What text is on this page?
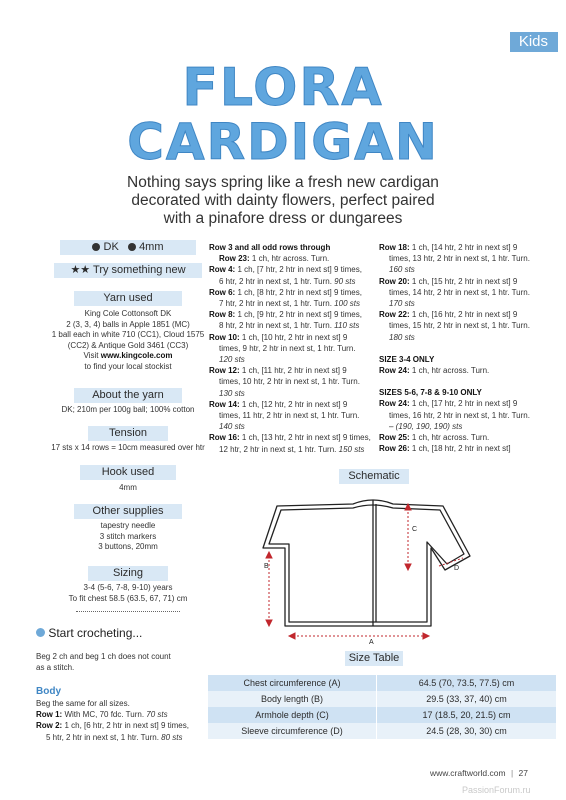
Kids
FLORA
CARDIGAN
Nothing says spring like a fresh new cardigan
decorated with dainty flowers, perfect paired
with a pinafore dress or dungarees
DK 4mm
★★ Try something new
Yarn used
King Cole Cottonsoft DK
2 (3, 3, 4) balls in Apple 1851 (MC)
1 ball each in white 710 (CC1), Cloud 1575
(CC2) & Antique Gold 3461 (CC3)
Visit www.kingcole.com
to find your local stockist
About the yarn
DK; 210m per 100g ball; 100% cotton
Tension
17 sts x 14 rows = 10cm measured over htr
Hook used
4mm
Other supplies
tapestry needle
3 stitch markers
3 buttons, 20mm
Sizing
3-4 (5-6, 7-8, 9-10) years
To fit chest 58.5 (63.5, 67, 71) cm
Start crocheting...

Beg 2 ch and beg 1 ch does not count

as a stitch.

Body

Beg the same for all sizes.

Row 1: With MC, 70 fdc. Turn. 70 sts

Row 2: 1 ch, [6 htr, 2 htr in next st] 9 times,

5 htr, 2 htr in next st, 1 htr. Turn. 80 sts

Row 3 and all odd rows through

Row 23: 1 ch, htr across. Turn.

Row 4: 1 ch, [7 htr, 2 htr in next st] 9 times,

6 htr, 2 htr in next st, 1 htr. Turn. 90 sts

Row 6: 1 ch, [8 htr, 2 htr in next st] 9 times,

7 htr, 2 htr in next st, 1 htr. Turn. 100 sts

Row 8: 1 ch, [9 htr, 2 htr in next st] 9 times,

8 htr, 2 htr in next st, 1 htr. Turn. 110 sts

Row 10: 1 ch, [10 htr, 2 htr in next st] 9

times, 9 htr, 2 htr in next st, 1 htr. Turn.

120 sts

Row 12: 1 ch, [11 htr, 2 htr in next st] 9

times, 10 htr, 2 htr in next st, 1 htr. Turn.

130 sts

Row 14: 1 ch, [12 htr, 2 htr in next st] 9

times, 11 htr, 2 htr in next st, 1 htr. Turn.

140 sts

Row 16: 1 ch, [13 htr, 2 htr in next st] 9 times,

12 htr, 2 htr in next st, 1 htr. Turn. 150 sts

Row 18: 1 ch, [14 htr, 2 htr in next st] 9

times, 13 htr, 2 htr in next st, 1 htr. Turn.

160 sts

Row 20: 1 ch, [15 htr, 2 htr in next st] 9

times, 14 htr, 2 htr in next st, 1 htr. Turn.

170 sts

Row 22: 1 ch, [16 htr, 2 htr in next st] 9

times, 15 htr, 2 htr in next st, 1 htr. Turn.

180 sts

SIZE 3-4 ONLY

Row 24: 1 ch, htr across. Turn.

SIZES 5-6, 7-8 & 9-10 ONLY

Row 24: 1 ch, [17 htr, 2 htr in next st] 9

times, 16 htr, 2 htr in next st, 1 htr. Turn.

– (190, 190, 190) sts

Row 25: 1 ch, htr across. Turn.

Row 26: 1 ch, [18 htr, 2 htr in next st]

Schematic
B
C
D
A
Size Table
Chest circumference (A)	64.5 (70, 73.5, 77.5) cm
Body length (B)	29.5 (33, 37, 40) cm
Armhole depth (C)	17 (18.5, 20, 21.5) cm
Sleeve circumference (D)	24.5 (28, 30, 30) cm
www.craftworld.com | 27
PassionForum.ru
